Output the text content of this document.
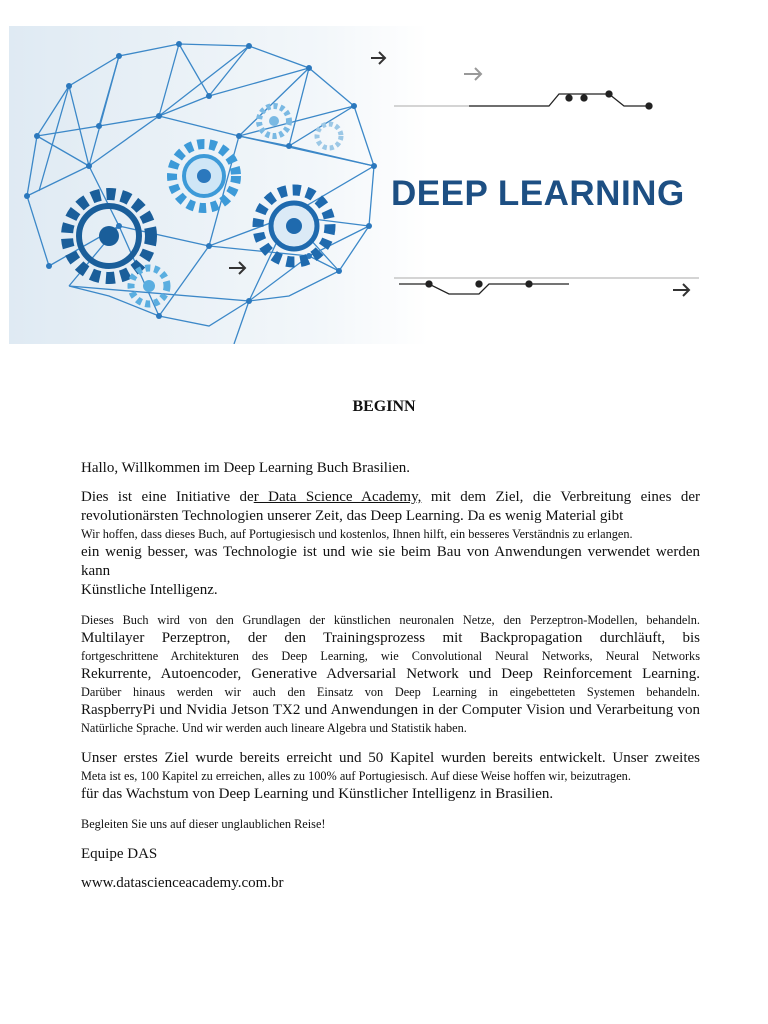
DEEP LEARNING
BEGINN

Hallo, Willkommen im Deep Learning Buch Brasilien.

Dies ist eine Initiative der Data Science Academy, mit dem Ziel, die Verbreitung eines der

revolutionärsten Technologien unserer Zeit, das Deep Learning. Da es wenig Material gibt

Wir hoffen, dass dieses Buch, auf Portugiesisch und kostenlos, Ihnen hilft, ein besseres Verständnis zu erlangen.

ein wenig besser, was Technologie ist und wie sie beim Bau von Anwendungen verwendet werden kann

Künstliche Intelligenz.

Dieses Buch wird von den Grundlagen der künstlichen neuronalen Netze, den Perzeptron-Modellen, behandeln.

Multilayer Perzeptron, der den Trainingsprozess mit Backpropagation durchläuft, bis

fortgeschrittene Architekturen des Deep Learning, wie Convolutional Neural Networks, Neural Networks

Rekurrente, Autoencoder, Generative Adversarial Network und Deep Reinforcement Learning.

Darüber hinaus werden wir auch den Einsatz von Deep Learning in eingebetteten Systemen behandeln.

RaspberryPi und Nvidia Jetson TX2 und Anwendungen in der Computer Vision und Verarbeitung von

Natürliche Sprache. Und wir werden auch lineare Algebra und Statistik haben.

Unser erstes Ziel wurde bereits erreicht und 50 Kapitel wurden bereits entwickelt. Unser zweites

Meta ist es, 100 Kapitel zu erreichen, alles zu 100% auf Portugiesisch. Auf diese Weise hoffen wir, beizutragen.

für das Wachstum von Deep Learning und Künstlicher Intelligenz in Brasilien.

Begleiten Sie uns auf dieser unglaublichen Reise!

Equipe DAS

www.datascienceacademy.com.br
